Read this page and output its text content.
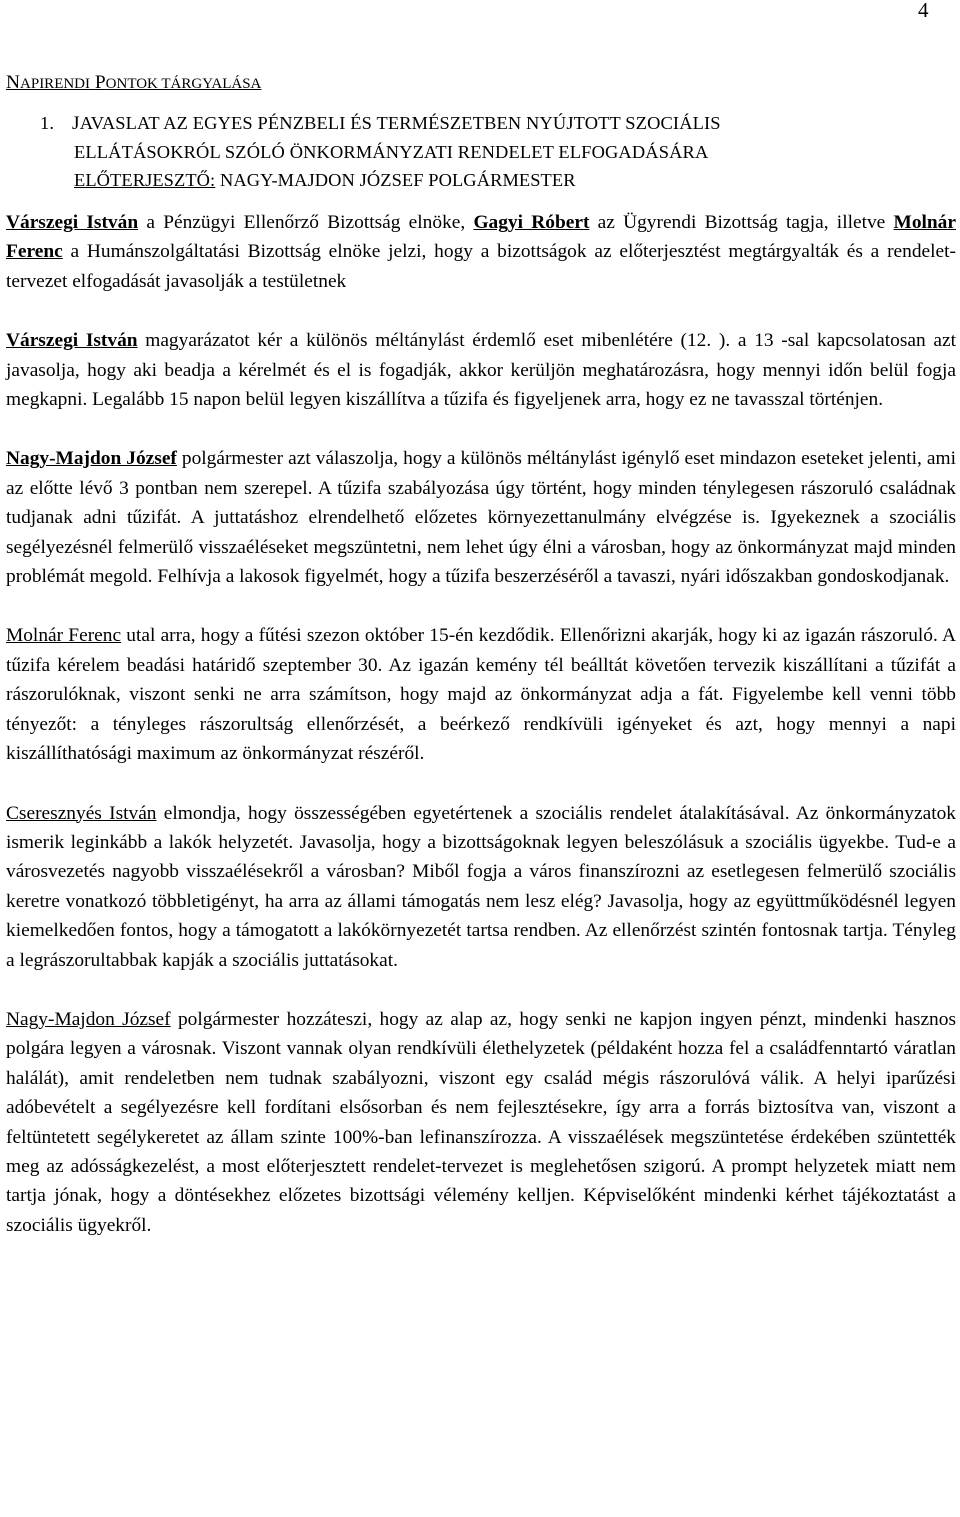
4
NAPIRENDI PONTOK TÁRGYALÁSA
1. JAVASLAT AZ EGYES PÉNZBELI ÉS TERMÉSZETBEN NYÚJTOTT SZOCIÁLIS
ELLÁTÁSOKRÓL SZÓLÓ ÖNKORMÁNYZATI RENDELET ELFOGADÁSÁRA
ELŐTERJESZTŐ: NAGY-MAJDON JÓZSEF POLGÁRMESTER

Várszegi István a Pénzügyi Ellenőrző Bizottság elnöke, Gagyi Róbert az Ügyrendi Bizottság tagja, illetve Molnár Ferenc a Humánszolgáltatási Bizottság elnöke jelzi, hogy a bizottságok az előterjesztést megtárgyalták és a rendelet-tervezet elfogadását javasolják a testületnek

Várszegi István magyarázatot kér a különös méltánylást érdemlő eset mibenlétére (12. ). a 13 -sal kapcsolatosan azt javasolja, hogy aki beadja a kérelmét és el is fogadják, akkor kerüljön meghatározásra, hogy mennyi időn belül fogja megkapni. Legalább 15 napon belül legyen kiszállítva a tűzifa és figyeljenek arra, hogy ez ne tavasszal történjen.

Nagy-Majdon József polgármester azt válaszolja, hogy a különös méltánylást igénylő eset mindazon eseteket jelenti, ami az előtte lévő 3 pontban nem szerepel. A tűzifa szabályozása úgy történt, hogy minden ténylegesen rászoruló családnak tudjanak adni tűzifát. A juttatáshoz elrendelhető előzetes környezettanulmány elvégzése is. Igyekeznek a szociális segélyezésnél felmerülő visszaéléseket megszüntetni, nem lehet úgy élni a városban, hogy az önkormányzat majd minden problémát megold. Felhívja a lakosok figyelmét, hogy a tűzifa beszerzéséről a tavaszi, nyári időszakban gondoskodjanak.

Molnár Ferenc utal arra, hogy a fűtési szezon október 15-én kezdődik. Ellenőrizni akarják, hogy ki az igazán rászoruló. A tűzifa kérelem beadási határidő szeptember 30. Az igazán kemény tél beálltát követően tervezik kiszállítani a tűzifát a rászorulóknak, viszont senki ne arra számítson, hogy majd az önkormányzat adja a fát. Figyelembe kell venni több tényezőt: a tényleges rászorultság ellenőrzését, a beérkező rendkívüli igényeket és azt, hogy mennyi a napi kiszállíthatósági maximum az önkormányzat részéről.

Cseresznyés István elmondja, hogy összességében egyetértenek a szociális rendelet átalakításával. Az önkormányzatok ismerik leginkább a lakók helyzetét. Javasolja, hogy a bizottságoknak legyen beleszólásuk a szociális ügyekbe. Tud-e a városvezetés nagyobb visszaélésekről a városban? Miből fogja a város finanszírozni az esetlegesen felmerülő szociális keretre vonatkozó többletigényt, ha arra az állami támogatás nem lesz elég? Javasolja, hogy az együttműködésnél legyen kiemelkedően fontos, hogy a támogatott a lakókörnyezetét tartsa rendben. Az ellenőrzést szintén fontosnak tartja. Tényleg a legrászorultabbak kapják a szociális juttatásokat.

Nagy-Majdon József polgármester hozzáteszi, hogy az alap az, hogy senki ne kapjon ingyen pénzt, mindenki hasznos polgára legyen a városnak. Viszont vannak olyan rendkívüli élethelyzetek (példaként hozza fel a családfenntartó váratlan halálát), amit rendeletben nem tudnak szabályozni, viszont egy család mégis rászorulóvá válik. A helyi iparűzési adóbevételt a segélyezésre kell fordítani elsősorban és nem fejlesztésekre, így arra a forrás biztosítva van, viszont a feltüntetett segélykeretet az állam szinte 100%-ban lefinanszírozza. A visszaélések megszüntetése érdekében szüntették meg az adósságkezelést, a most előterjesztett rendelet-tervezet is meglehetősen szigorú. A prompt helyzetek miatt nem tartja jónak, hogy a döntésekhez előzetes bizottsági vélemény kelljen. Képviselőként mindenki kérhet tájékoztatást a szociális ügyekről.
